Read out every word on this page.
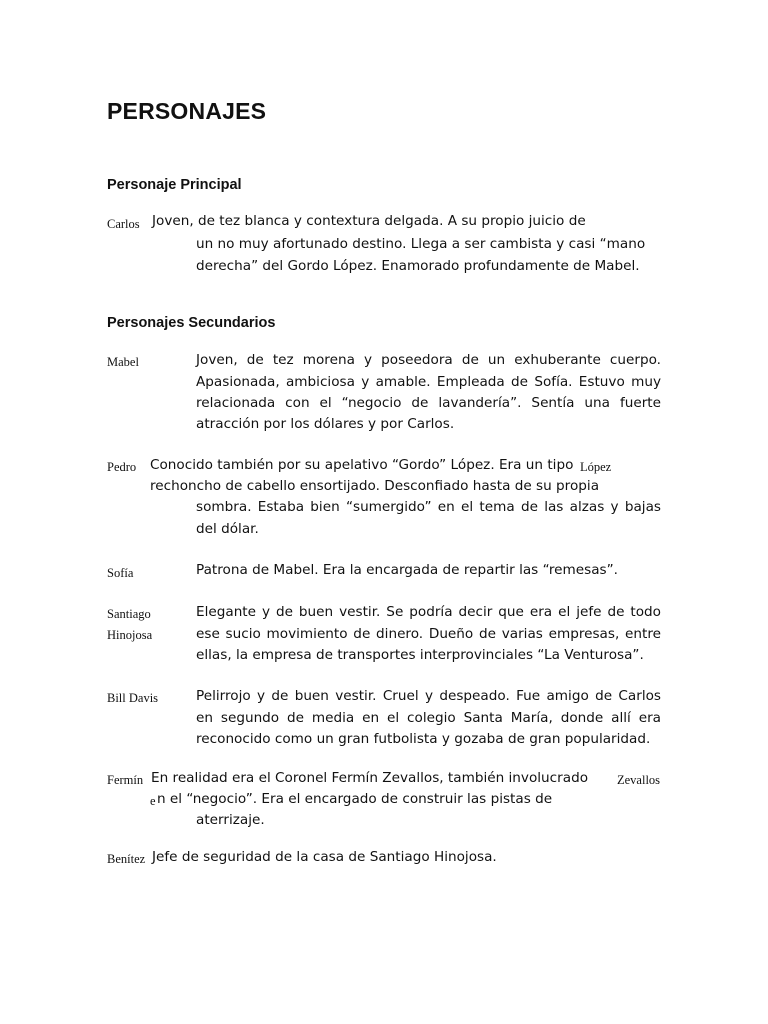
PERSONAJES
Personaje Principal
Carlos Joven, de tez blanca y contextura delgada. A su propio juicio de
un no muy afortunado destino. Llega a ser cambista y casi “mano
derecha” del Gordo López. Enamorado profundamente de Mabel.
Personajes Secundarios
Mabel	Joven, de tez morena y poseedora de un exhuberante cuerpo.
Apasionada, ambiciosa y amable. Empleada de Sofía. Estuvo muy
relacionada con el “negocio de lavandería”. Sentía una fuerte
atracción por los dólares y por Carlos.
Pedro Conocido también por su apelativo “Gordo” López. Era un tipo López
rechoncho de cabello ensortijado. Desconfiado hasta de su propia
sombra. Estaba bien “sumergido” en el tema de las alzas y bajas
del dólar.
Sofía	Patrona de Mabel. Era la encargada de repartir las “remesas”.
Santiago
Hinojosa
Elegante y de buen vestir. Se podría decir que era el jefe de todo
ese sucio movimiento de dinero. Dueño de varias empresas, entre
ellas, la empresa de transportes interprovinciales “La Venturosa”.
Bill Davis	Pelirrojo y de buen vestir. Cruel y despeado. Fue amigo de Carlos
en segundo de media en el colegio Santa María, donde allí era
reconocido como un gran futbolista y gozaba de gran popularidad.
Fermín En realidad era el Coronel Fermín Zevallos, también involucrado Zevallos
e n el “negocio”. Era el encargado de construir las pistas de
aterrizaje.
Benítez Jefe de seguridad de la casa de Santiago Hinojosa.
